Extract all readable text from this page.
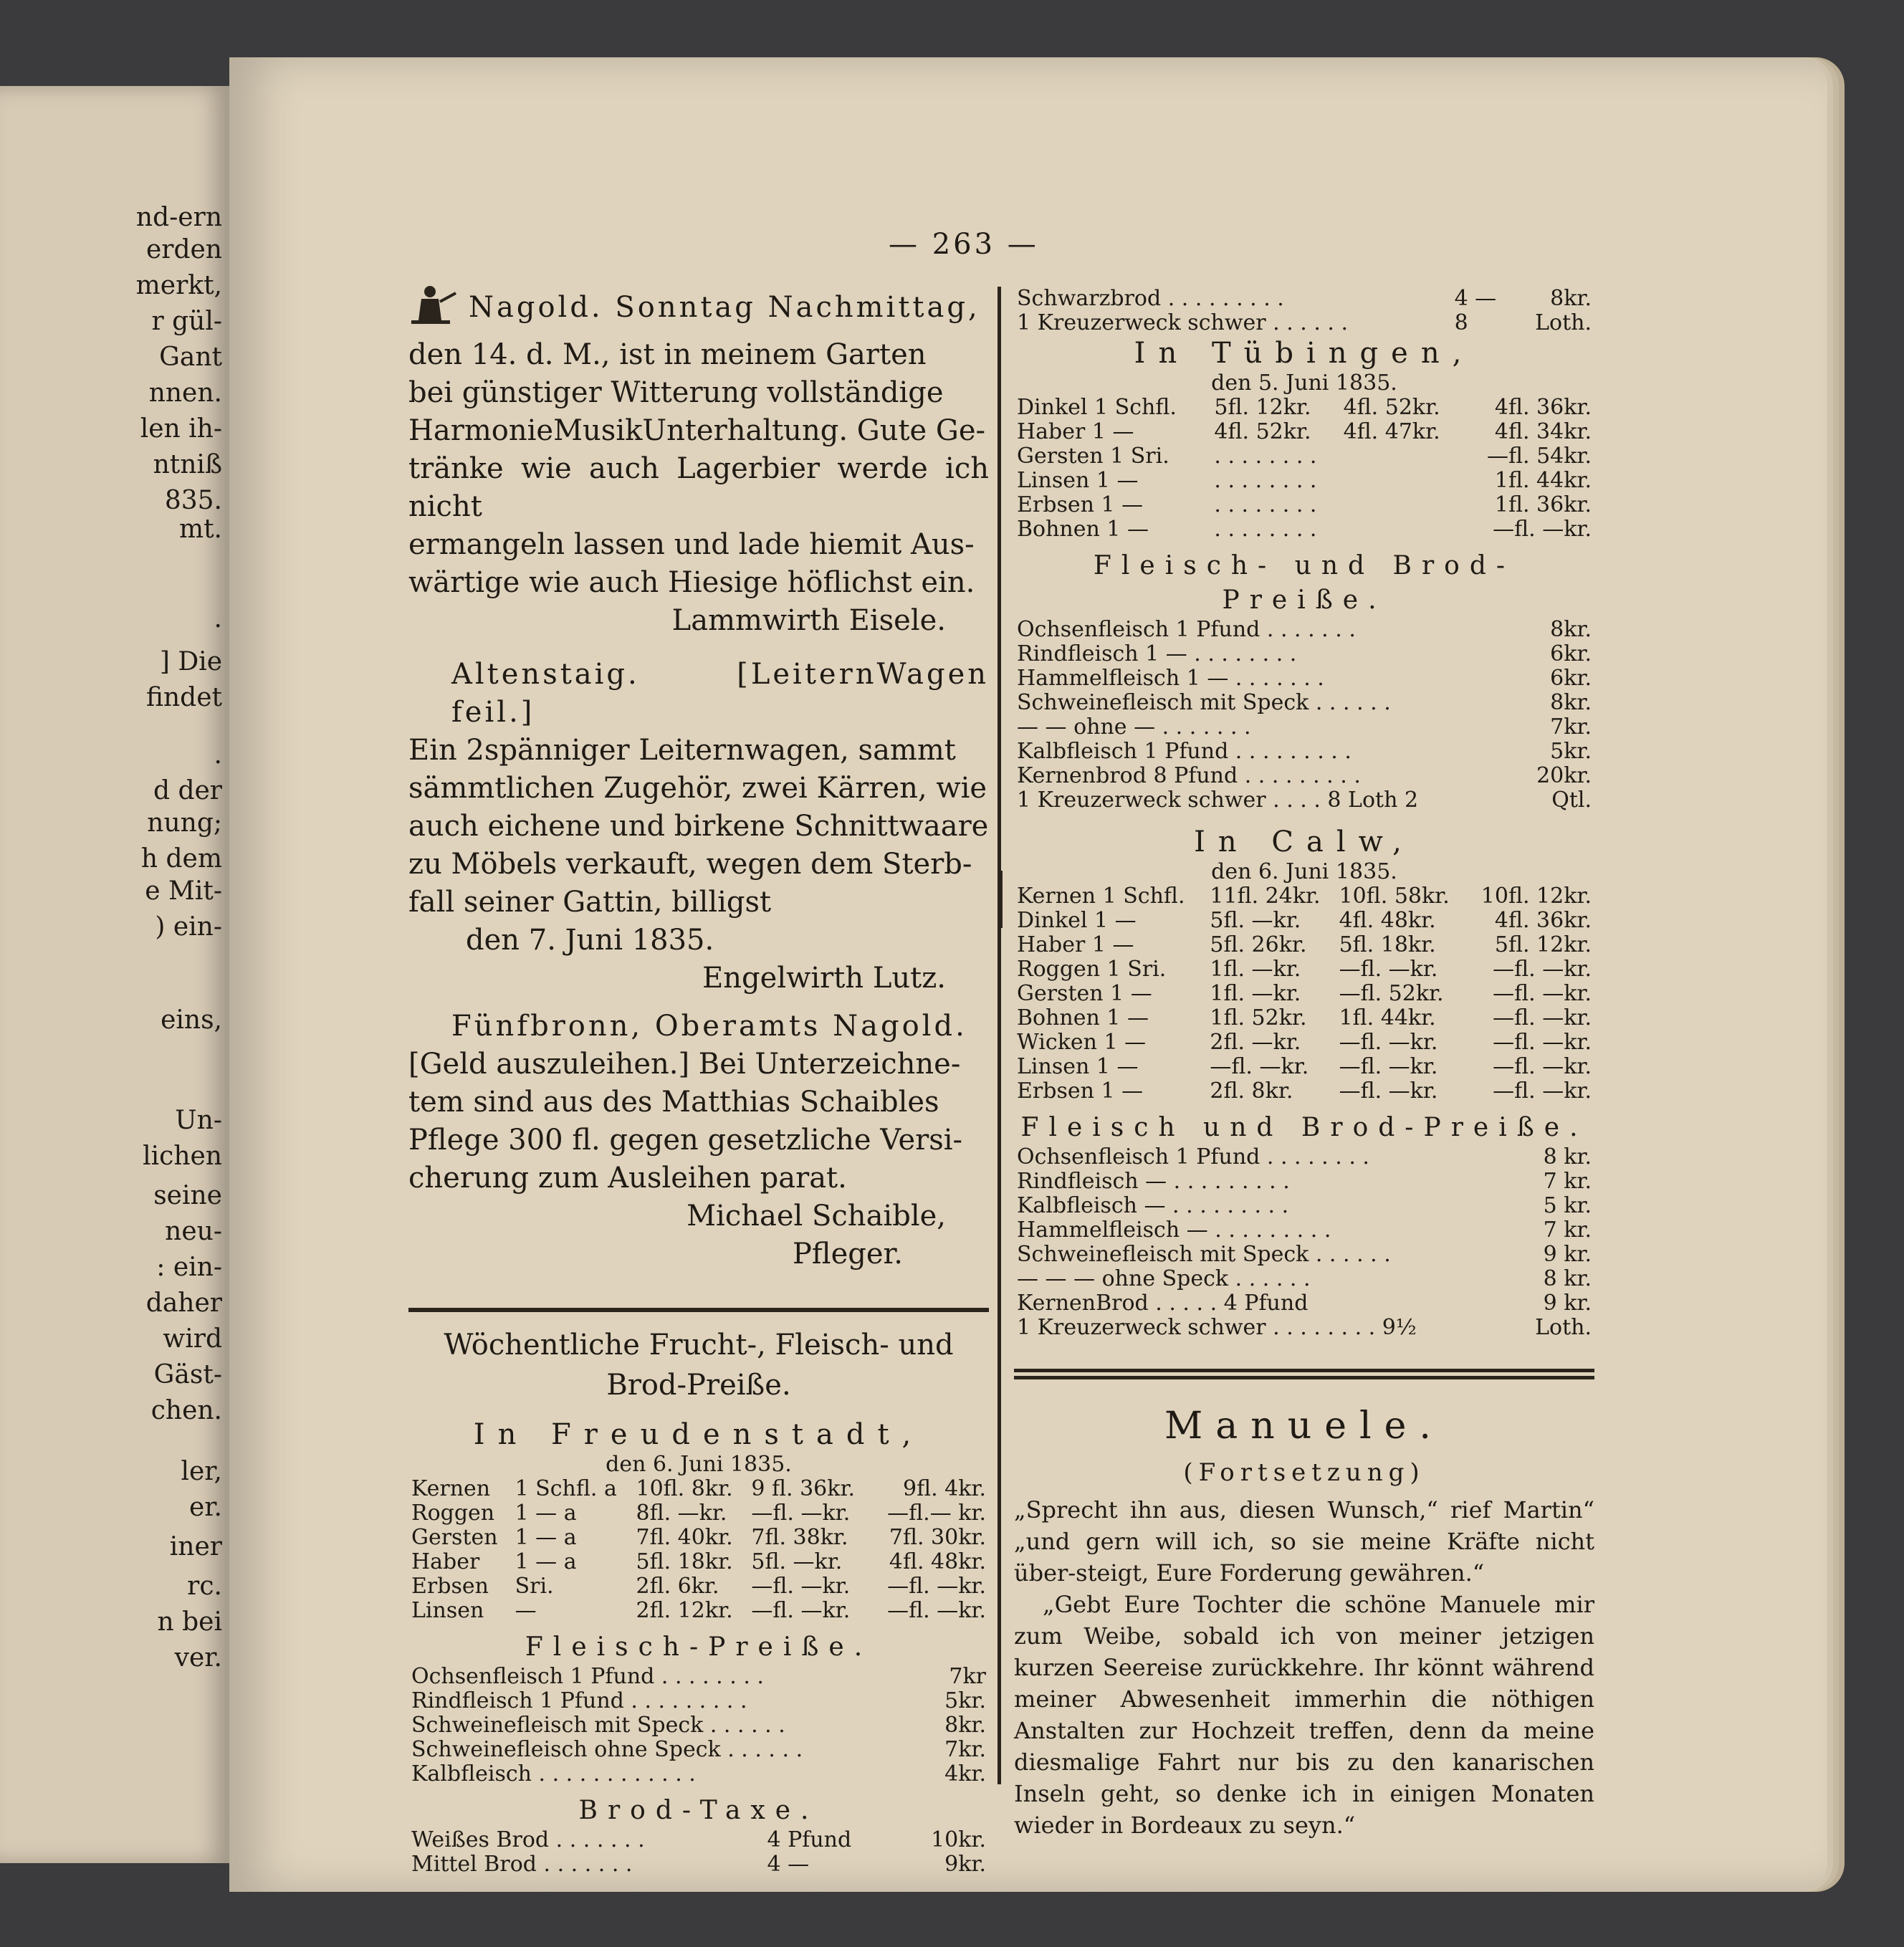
nd-ern
erden
merkt,
r gül-
Gant
nnen.
len ih-
ntniß
835.
mt.
.
] Die
findet
.
d der
nung;
h dem
e Mit-
) ein-
eins,
Un-
lichen
seine
neu-
: ein-
daher
wird
Gäst-
chen.
ler,
er.
iner
rc.
n bei
ver.
— 263 —

Nagold. Sonntag Nachmittag,

den 14. d. M., ist in meinem Garten

bei günstiger Witterung vollständige

HarmonieMusikUnterhaltung. Gute Ge-

tränke wie auch Lagerbier werde ich nicht

ermangeln lassen und lade hiemit Aus-

wärtige wie auch Hiesige höflichst ein.

Lammwirth Eisele.

Altenstaig. [LeiternWagen feil.]

Ein 2spänniger Leiternwagen, sammt

sämmtlichen Zugehör, zwei Kärren, wie

auch eichene und birkene Schnittwaare

zu Möbels verkauft, wegen dem Sterb-

fall seiner Gattin, billigst

den 7. Juni 1835.

Engelwirth Lutz.

Fünfbronn, Oberamts Nagold.

[Geld auszuleihen.] Bei Unterzeichne-

tem sind aus des Matthias Schaibles

Pflege 300 fl. gegen gesetzliche Versi-

cherung zum Ausleihen parat.

Michael Schaible,

Pfleger.

Wöchentliche Frucht-, Fleisch- und Brod-Preiße.
In Freudenstadt,
den 6. Juni 1835.
Kernen	1 Schfl. a	10fl. 8kr.	9 fl. 36kr.	9fl. 4kr.
Roggen	1 — a	8fl. —kr.	—fl. —kr.	—fl.— kr.
Gersten	1 — a	7fl. 40kr.	7fl. 38kr.	7fl. 30kr.
Haber	1 — a	5fl. 18kr.	5fl. —kr.	4fl. 48kr.
Erbsen	Sri.	2fl. 6kr.	—fl. —kr.	—fl. —kr.
Linsen	—	2fl. 12kr.	—fl. —kr.	—fl. —kr.
Fleisch-Preiße.
Ochsenfleisch 1 Pfund . . . . . . . .	7kr
Rindfleisch 1 Pfund . . . . . . . . .	5kr.
Schweinefleisch mit Speck . . . . . .	8kr.
Schweinefleisch ohne Speck . . . . . .	7kr.
Kalbfleisch . . . . . . . . . . . .	4kr.
Brod-Taxe.
Weißes Brod . . . . . . .	4 Pfund	10kr.
Mittel Brod . . . . . . .	4 —	9kr.
Schwarzbrod . . . . . . . . .	4 —	8kr.
1 Kreuzerweck schwer . . . . . .	8	Loth.
In Tübingen,
den 5. Juni 1835.
Dinkel 1 Schfl.	5fl. 12kr.	4fl. 52kr.	4fl. 36kr.
Haber 1 —	4fl. 52kr.	4fl. 47kr.	4fl. 34kr.
Gersten 1 Sri.	. . . . . . . .		—fl. 54kr.
Linsen 1 —	. . . . . . . .		1fl. 44kr.
Erbsen 1 —	. . . . . . . .		1fl. 36kr.
Bohnen 1 —	. . . . . . . .		—fl. —kr.
Fleisch- und Brod-Preiße.
Ochsenfleisch 1 Pfund . . . . . . .	8kr.
Rindfleisch 1 — . . . . . . . .	6kr.
Hammelfleisch 1 — . . . . . . .	6kr.
Schweinefleisch mit Speck . . . . . .	8kr.
— — ohne — . . . . . . .	7kr.
Kalbfleisch 1 Pfund . . . . . . . . .	5kr.
Kernenbrod 8 Pfund . . . . . . . . .	20kr.
1 Kreuzerweck schwer . . . . 8 Loth 2	Qtl.
In Calw,
den 6. Juni 1835.
Kernen 1 Schfl.	11fl. 24kr.	10fl. 58kr.	10fl. 12kr.
Dinkel 1 —	5fl. —kr.	4fl. 48kr.	4fl. 36kr.
Haber 1 —	5fl. 26kr.	5fl. 18kr.	5fl. 12kr.
Roggen 1 Sri.	1fl. —kr.	—fl. —kr.	—fl. —kr.
Gersten 1 —	1fl. —kr.	—fl. 52kr.	—fl. —kr.
Bohnen 1 —	1fl. 52kr.	1fl. 44kr.	—fl. —kr.
Wicken 1 —	2fl. —kr.	—fl. —kr.	—fl. —kr.
Linsen 1 —	—fl. —kr.	—fl. —kr.	—fl. —kr.
Erbsen 1 —	2fl. 8kr.	—fl. —kr.	—fl. —kr.
Fleisch und Brod-Preiße.
Ochsenfleisch 1 Pfund . . . . . . . .	8 kr.
Rindfleisch — . . . . . . . . .	7 kr.
Kalbfleisch — . . . . . . . . .	5 kr.
Hammelfleisch — . . . . . . . . .	7 kr.
Schweinefleisch mit Speck . . . . . .	9 kr.
— — — ohne Speck . . . . . .	8 kr.
KernenBrod . . . . . 4 Pfund	9 kr.
1 Kreuzerweck schwer . . . . . . . . 9½	Loth.
Manuele.
(Fortsetzung)

„Sprecht ihn aus, diesen Wunsch,“ rief Martin“ „und gern will ich, so sie meine Kräfte nicht über-steigt, Eure Forderung gewähren.“

„Gebt Eure Tochter die schöne Manuele mir zum Weibe, sobald ich von meiner jetzigen kurzen Seereise zurückkehre. Ihr könnt während meiner Abwesenheit immerhin die nöthigen Anstalten zur Hochzeit treffen, denn da meine diesmalige Fahrt nur bis zu den kanarischen Inseln geht, so denke ich in einigen Monaten wieder in Bordeaux zu seyn.“
